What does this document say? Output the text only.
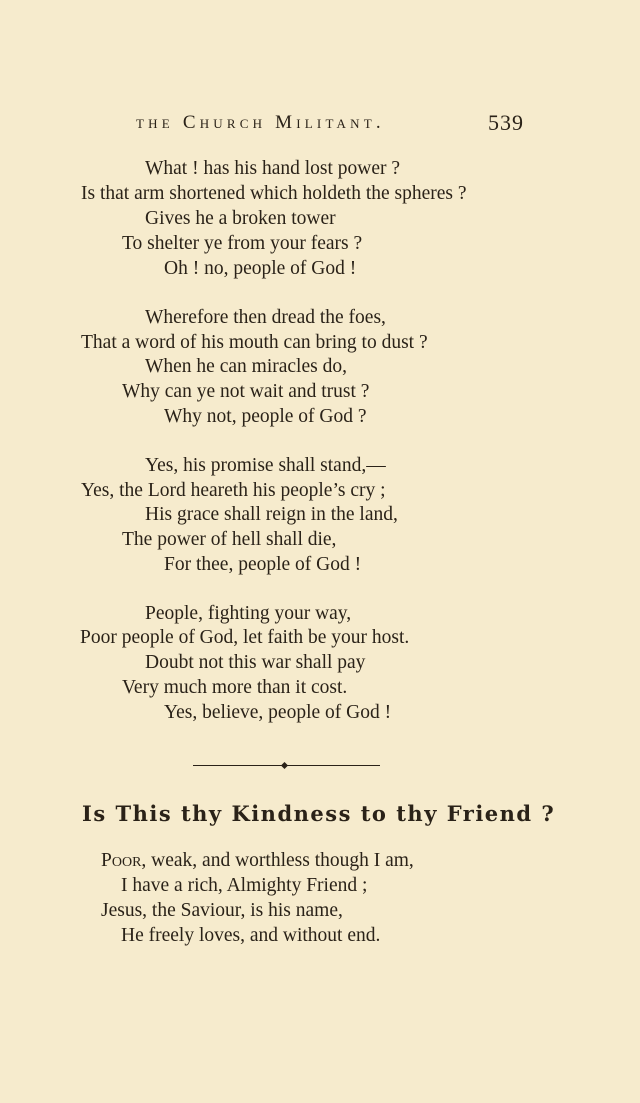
the Church Militant.	539
What ! has his hand lost power ?
Is that arm shortened which holdeth the spheres ?
Gives he a broken tower
To shelter ye from your fears ?
Oh ! no, people of God !
Wherefore then dread the foes,
That a word of his mouth can bring to dust ?
When he can miracles do,
Why can ye not wait and trust ?
Why not, people of God ?
Yes, his promise shall stand,—
Yes, the Lord heareth his people’s cry ;
His grace shall reign in the land,
The power of hell shall die,
For thee, people of God !
People, fighting your way,
Poor people of God, let faith be your host.
Doubt not this war shall pay
Very much more than it cost.
Yes, believe, people of God !
Is This thy Kindness to thy Friend ?
Poor, weak, and worthless though I am,
I have a rich, Almighty Friend ;
Jesus, the Saviour, is his name,
He freely loves, and without end.
